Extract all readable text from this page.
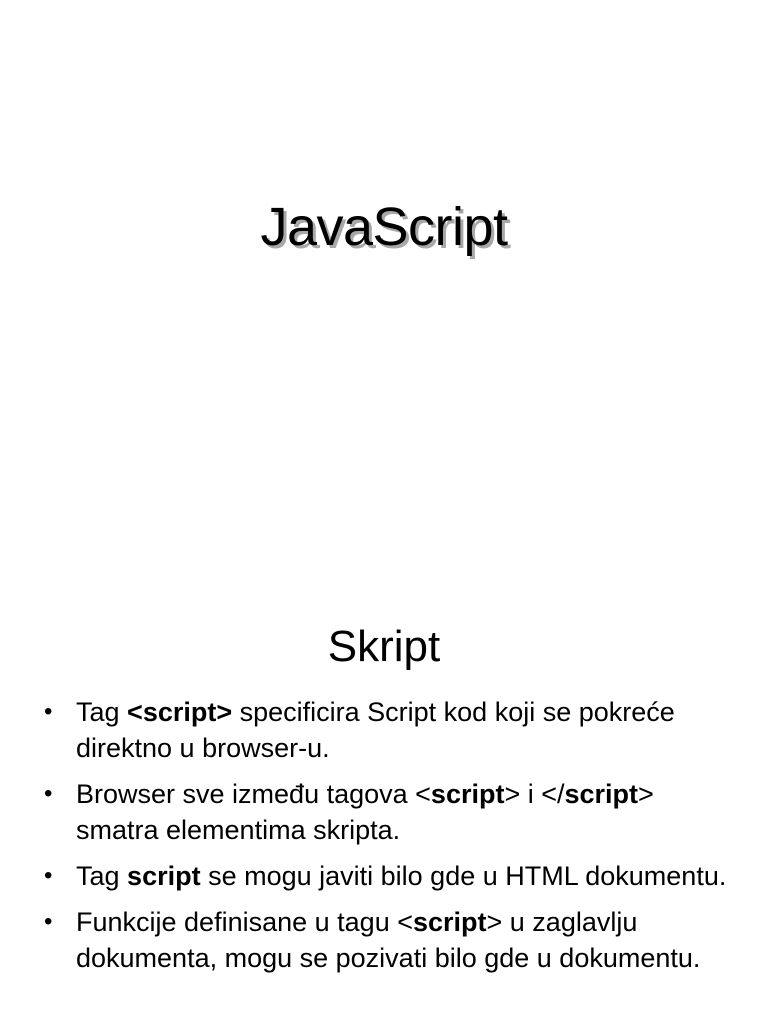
JavaScript
Skript
• Tag <script> specificira Script kod koji se pokreće direktno u browser-u.
• Browser sve između tagova <script> i </script> smatra elementima skripta.
• Tag script se mogu javiti bilo gde u HTML dokumentu.
• Funkcije definisane u tagu <script> u zaglavlju dokumenta, mogu se pozivati bilo gde u dokumentu.
